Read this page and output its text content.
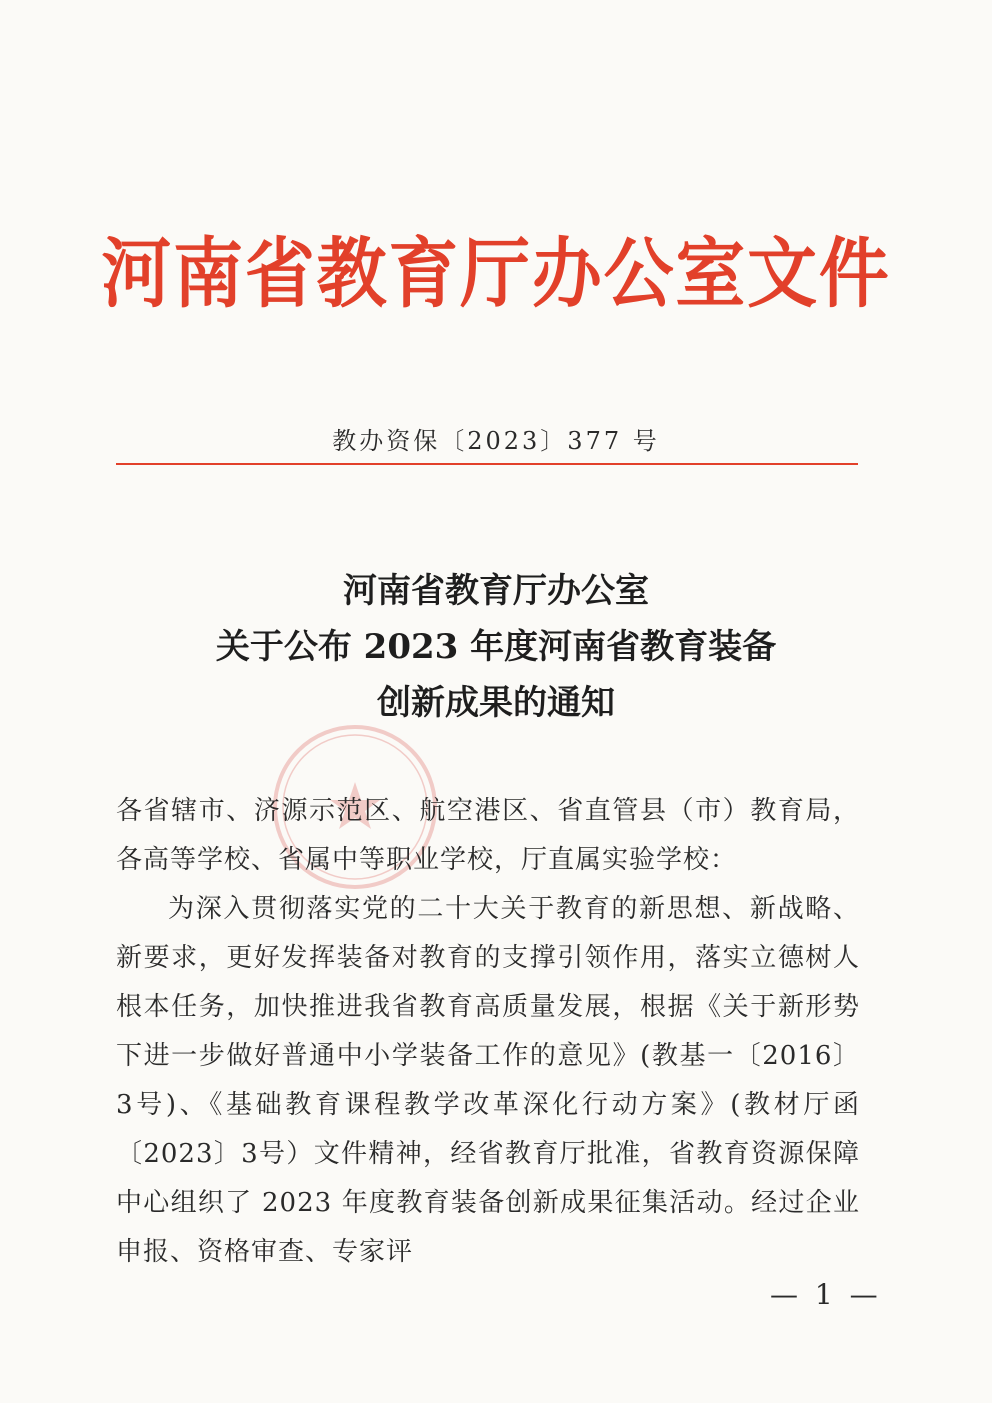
河南省教育厅办公室文件
教办资保〔2023〕377 号
河南省教育厅办公室
关于公布 2023 年度河南省教育装备
创新成果的通知

各省辖市、济源示范区、航空港区、省直管县（市）教育局，各高等学校、省属中等职业学校，厅直属实验学校：

为深入贯彻落实党的二十大关于教育的新思想、新战略、新要求，更好发挥装备对教育的支撑引领作用，落实立德树人根本任务，加快推进我省教育高质量发展，根据《关于新形势下进一步做好普通中小学装备工作的意见》(教基一〔2016〕3号)、《基础教育课程教学改革深化行动方案》(教材厅函〔2023〕3号）文件精神，经省教育厅批准，省教育资源保障中心组织了 2023 年度教育装备创新成果征集活动。经过企业申报、资格审查、专家评

— 1 —
